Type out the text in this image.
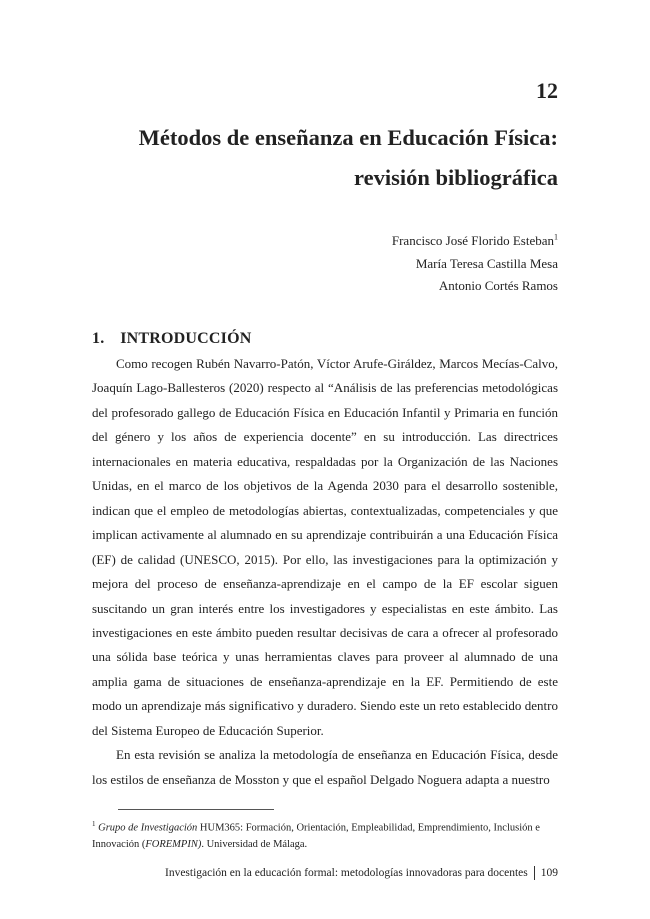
12
Métodos de enseñanza en Educación Física:
revisión bibliográfica
Francisco José Florido Esteban$^1$
María Teresa Castilla Mesa
Antonio Cortés Ramos
1. INTRODUCCIÓN

Como recogen Rubén Navarro-Patón, Víctor Arufe-Giráldez, Marcos Mecías-Calvo, Joaquín Lago-Ballesteros (2020) respecto al “Análisis de las preferencias metodológicas del profesorado gallego de Educación Física en Educación Infantil y Primaria en función del género y los años de experiencia docente” en su introducción. Las directrices internacionales en materia educativa, respaldadas por la Organización de las Naciones Unidas, en el marco de los objetivos de la Agenda 2030 para el desarrollo sostenible, indican que el empleo de metodologías abiertas, contextualizadas, competenciales y que implican activamente al alumnado en su aprendizaje contribuirán a una Educación Física (EF) de calidad (UNESCO, 2015). Por ello, las investigaciones para la optimización y mejora del proceso de enseñanza-aprendizaje en el campo de la EF escolar siguen suscitando un gran interés entre los investigadores y especialistas en este ámbito. Las investigaciones en este ámbito pueden resultar decisivas de cara a ofrecer al profesorado una sólida base teórica y unas herramientas claves para proveer al alumnado de una amplia gama de situaciones de enseñanza-aprendizaje en la EF. Permitiendo de este modo un aprendizaje más significativo y duradero. Siendo este un reto establecido dentro del Sistema Europeo de Educación Superior.

En esta revisión se analiza la metodología de enseñanza en Educación Física, desde los estilos de enseñanza de Mosston y que el español Delgado Noguera adapta a nuestro

$^1$ Grupo de Investigación HUM365: Formación, Orientación, Empleabilidad, Emprendimiento, Inclusión e Innovación (FOREMPIN). Universidad de Málaga.
Investigación en la educación formal: metodologías innovadoras para docentes 109
